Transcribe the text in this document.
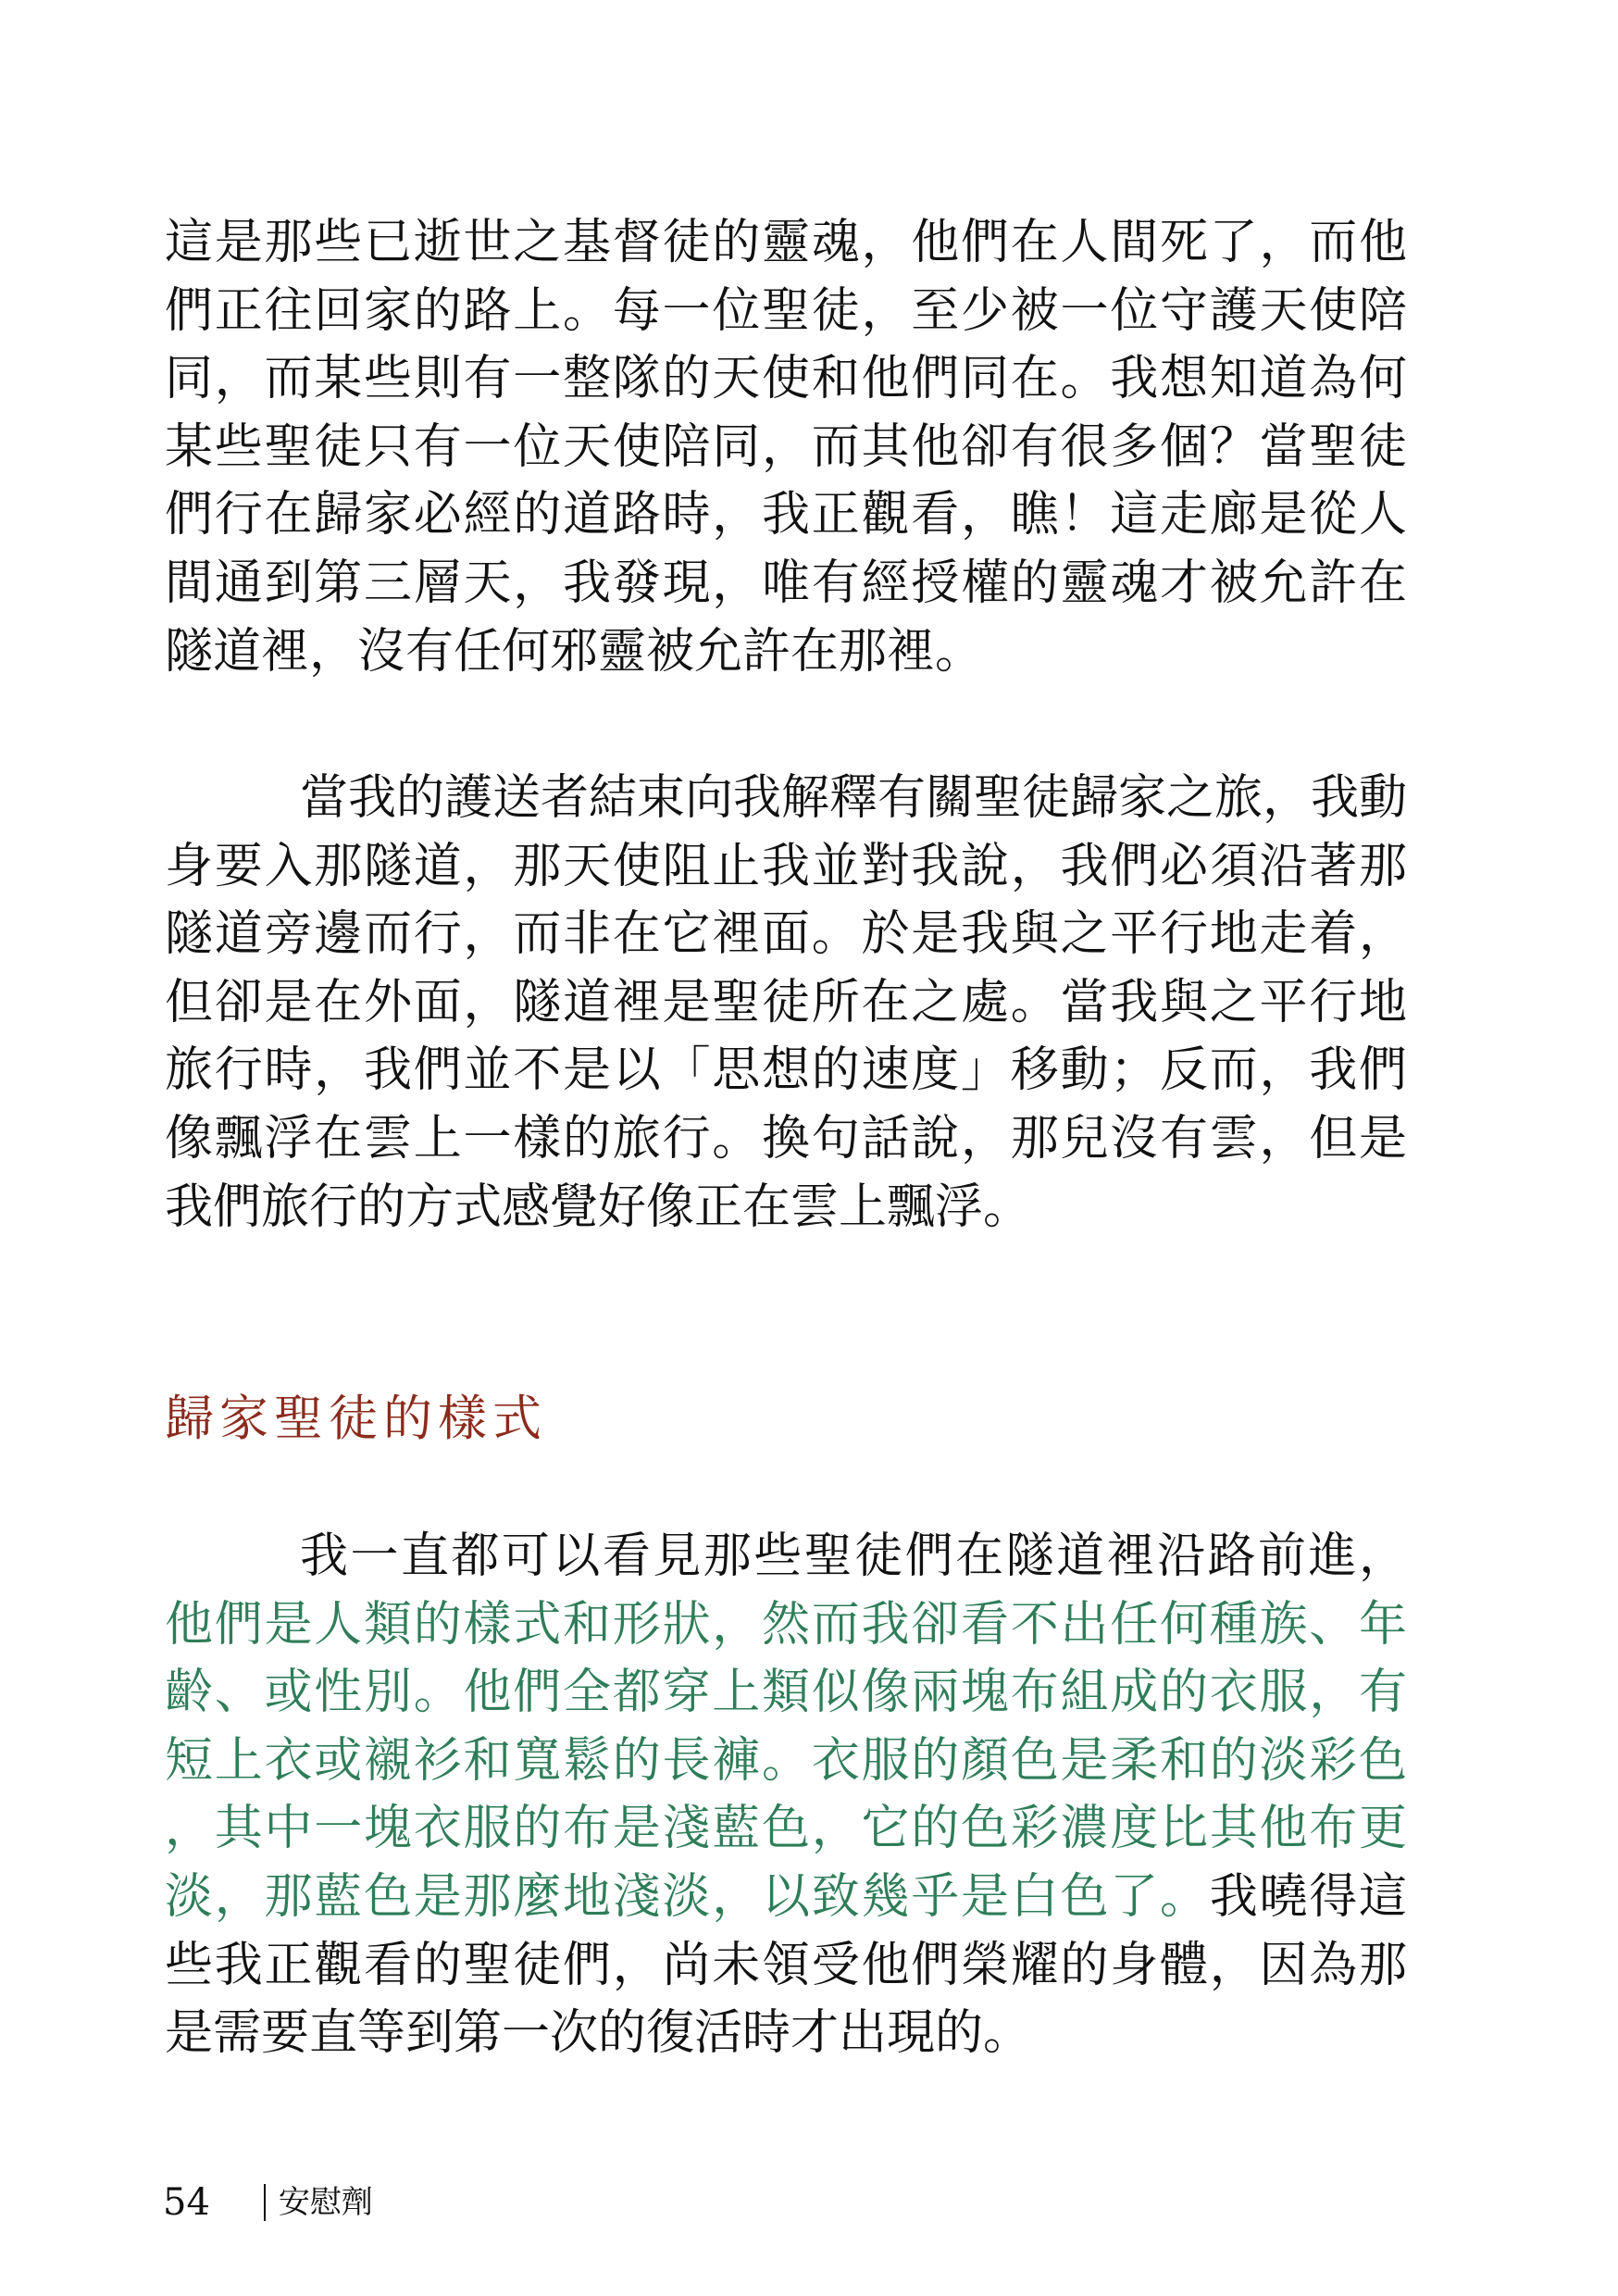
這是那些已逝世之基督徒的靈魂，他們在人間死了，而他們正往回家的路上。每一位聖徒，至少被一位守護天使陪同，而某些則有一整隊的天使和他們同在。我想知道為何某些聖徒只有一位天使陪同，而其他卻有很多個？當聖徒們行在歸家必經的道路時，我正觀看，瞧！這走廊是從人間通到第三層天，我發現，唯有經授權的靈魂才被允許在隧道裡，沒有任何邪靈被允許在那裡。

當我的護送者結束向我解釋有關聖徒歸家之旅，我動身要入那隧道，那天使阻止我並對我說，我們必須沿著那隧道旁邊而行，而非在它裡面。於是我與之平行地走着，但卻是在外面，隧道裡是聖徒所在之處。當我與之平行地旅行時，我們並不是以「思想的速度」移動；反而，我們像飄浮在雲上一樣的旅行。換句話說，那兒沒有雲，但是我們旅行的方式感覺好像正在雲上飄浮。

歸家聖徒的樣式

我一直都可以看見那些聖徒們在隧道裡沿路前進，他們是人類的樣式和形狀，然而我卻看不出任何種族、年齡、或性別。他們全都穿上類似像兩塊布組成的衣服，有短上衣或襯衫和寬鬆的長褲。衣服的顏色是柔和的淡彩色，其中一塊衣服的布是淺藍色，它的色彩濃度比其他布更淡，那藍色是那麼地淺淡，以致幾乎是白色了。我曉得這些我正觀看的聖徒們，尚未領受他們榮耀的身體，因為那是需要直等到第一次的復活時才出現的。

54 安慰劑
